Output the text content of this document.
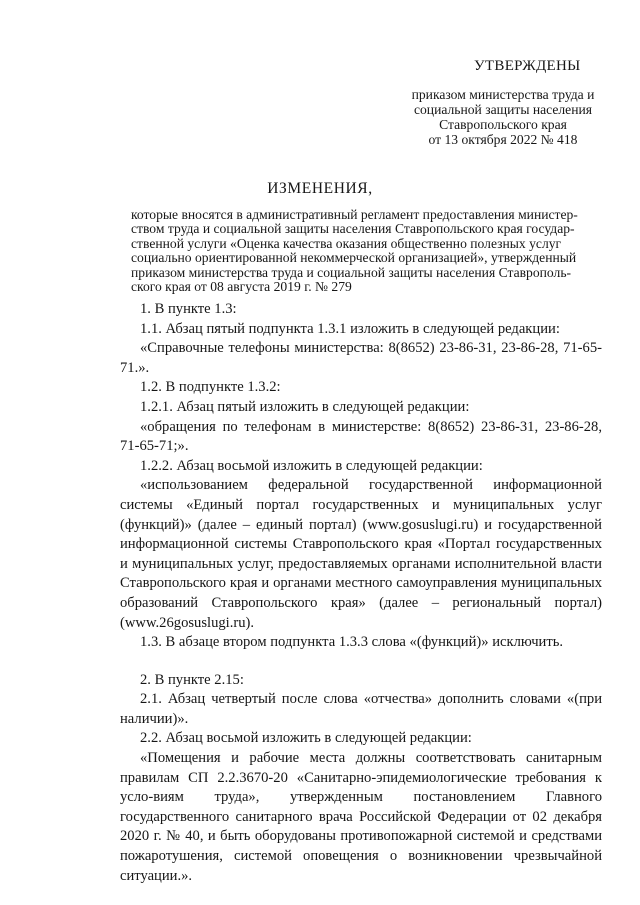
УТВЕРЖДЕНЫ
приказом министерства труда и
социальной защиты населения
Ставропольского края
от 13 октября 2022 № 418
ИЗМЕНЕНИЯ,
которые вносятся в административный регламент предоставления министер-
ством труда и социальной защиты населения Ставропольского края государ-
ственной услуги «Оценка качества оказания общественно полезных услуг
социально ориентированной некоммерческой организацией», утвержденный
приказом министерства труда и социальной защиты населения Ставрополь-
ского края от 08 августа 2019 г. № 279

1. В пункте 1.3:

1.1. Абзац пятый подпункта 1.3.1 изложить в следующей редакции:

«Справочные телефоны министерства: 8(8652) 23-86-31, 23-86-28, 71-65-71.».

1.2. В подпункте 1.3.2:

1.2.1. Абзац пятый изложить в следующей редакции:

«обращения по телефонам в министерстве: 8(8652) 23-86-31, 23-86-28, 71-65-71;».

1.2.2. Абзац восьмой изложить в следующей редакции:

«использованием федеральной государственной информационной системы «Единый портал государственных и муниципальных услуг (функций)» (далее – единый портал) (www.gosuslugi.ru) и государственной информационной системы Ставропольского края «Портал государственных и муниципальных услуг, предоставляемых органами исполнительной власти Ставропольского края и органами местного самоуправления муниципальных образований Ставропольского края» (далее – региональный портал) (www.26gosuslugi.ru).

1.3. В абзаце втором подпункта 1.3.3 слова «(функций)» исключить.

2. В пункте 2.15:

2.1. Абзац четвертый после слова «отчества» дополнить словами «(при наличии)».

2.2. Абзац восьмой изложить в следующей редакции:

«Помещения и рабочие места должны соответствовать санитарным правилам СП 2.2.3670-20 «Санитарно-эпидемиологические требования к усло-виям труда», утвержденным постановлением Главного государственного санитарного врача Российской Федерации от 02 декабря 2020 г. № 40, и быть оборудованы противопожарной системой и средствами пожаротушения, системой оповещения о возникновении чрезвычайной ситуации.».
